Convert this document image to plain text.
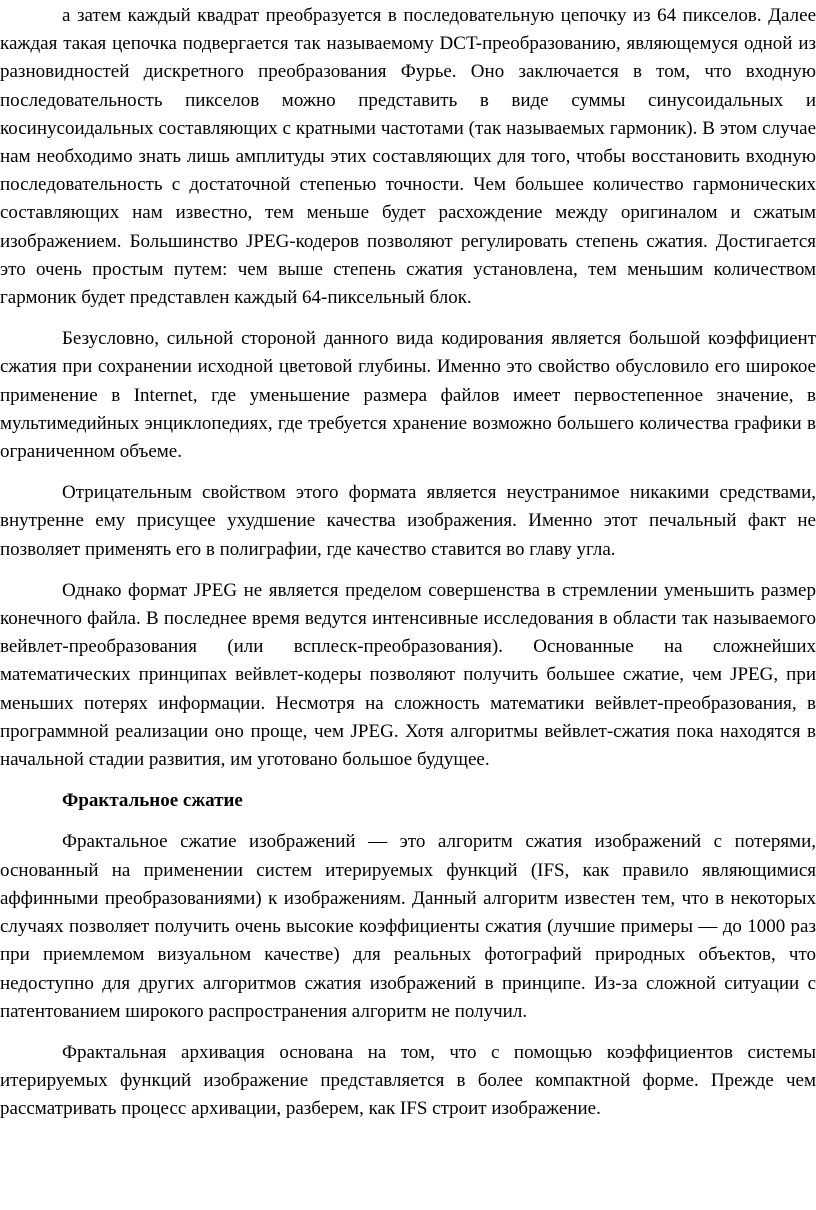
а затем каждый квадрат преобразуется в последовательную цепочку из 64 пикселов. Далее каждая такая цепочка подвергается так называемому DCT-преобразованию, являющемуся одной из разновидностей дискретного преобразования Фурье. Оно заключается в том, что входную последовательность пикселов можно представить в виде суммы синусоидальных и косинусоидальных составляющих с кратными частотами (так называемых гармоник). В этом случае нам необходимо знать лишь амплитуды этих составляющих для того, чтобы восстановить входную последовательность с достаточной степенью точности. Чем большее количество гармонических составляющих нам известно, тем меньше будет расхождение между оригиналом и сжатым изображением. Большинство JPEG-кодеров позволяют регулировать степень сжатия. Достигается это очень простым путем: чем выше степень сжатия установлена, тем меньшим количеством гармоник будет представлен каждый 64-пиксельный блок.

Безусловно, сильной стороной данного вида кодирования является большой коэффициент сжатия при сохранении исходной цветовой глубины. Именно это свойство обусловило его широкое применение в Internet, где уменьшение размера файлов имеет первостепенное значение, в мультимедийных энциклопедиях, где требуется хранение возможно большего количества графики в ограниченном объеме.

Отрицательным свойством этого формата является неустранимое никакими средствами, внутренне ему присущее ухудшение качества изображения. Именно этот печальный факт не позволяет применять его в полиграфии, где качество ставится во главу угла.

Однако формат JPEG не является пределом совершенства в стремлении уменьшить размер конечного файла. В последнее время ведутся интенсивные исследования в области так называемого вейвлет-преобразования (или всплеск-преобразования). Основанные на сложнейших математических принципах вейвлет-кодеры позволяют получить большее сжатие, чем JPEG, при меньших потерях информации. Несмотря на сложность математики вейвлет-преобразования, в программной реализации оно проще, чем JPEG. Хотя алгоритмы вейвлет-сжатия пока находятся в начальной стадии развития, им уготовано большое будущее.

Фрактальное сжатие

Фрактальное сжатие изображений — это алгоритм сжатия изображений с потерями, основанный на применении систем итерируемых функций (IFS, как правило являющимися аффинными преобразованиями) к изображениям. Данный алгоритм известен тем, что в некоторых случаях позволяет получить очень высокие коэффициенты сжатия (лучшие примеры — до 1000 раз при приемлемом визуальном качестве) для реальных фотографий природных объектов, что недоступно для других алгоритмов сжатия изображений в принципе. Из-за сложной ситуации с патентованием широкого распространения алгоритм не получил.

Фрактальная архивация основана на том, что с помощью коэффициентов системы итерируемых функций изображение представляется в более компактной форме. Прежде чем рассматривать процесс архивации, разберем, как IFS строит изображение.
